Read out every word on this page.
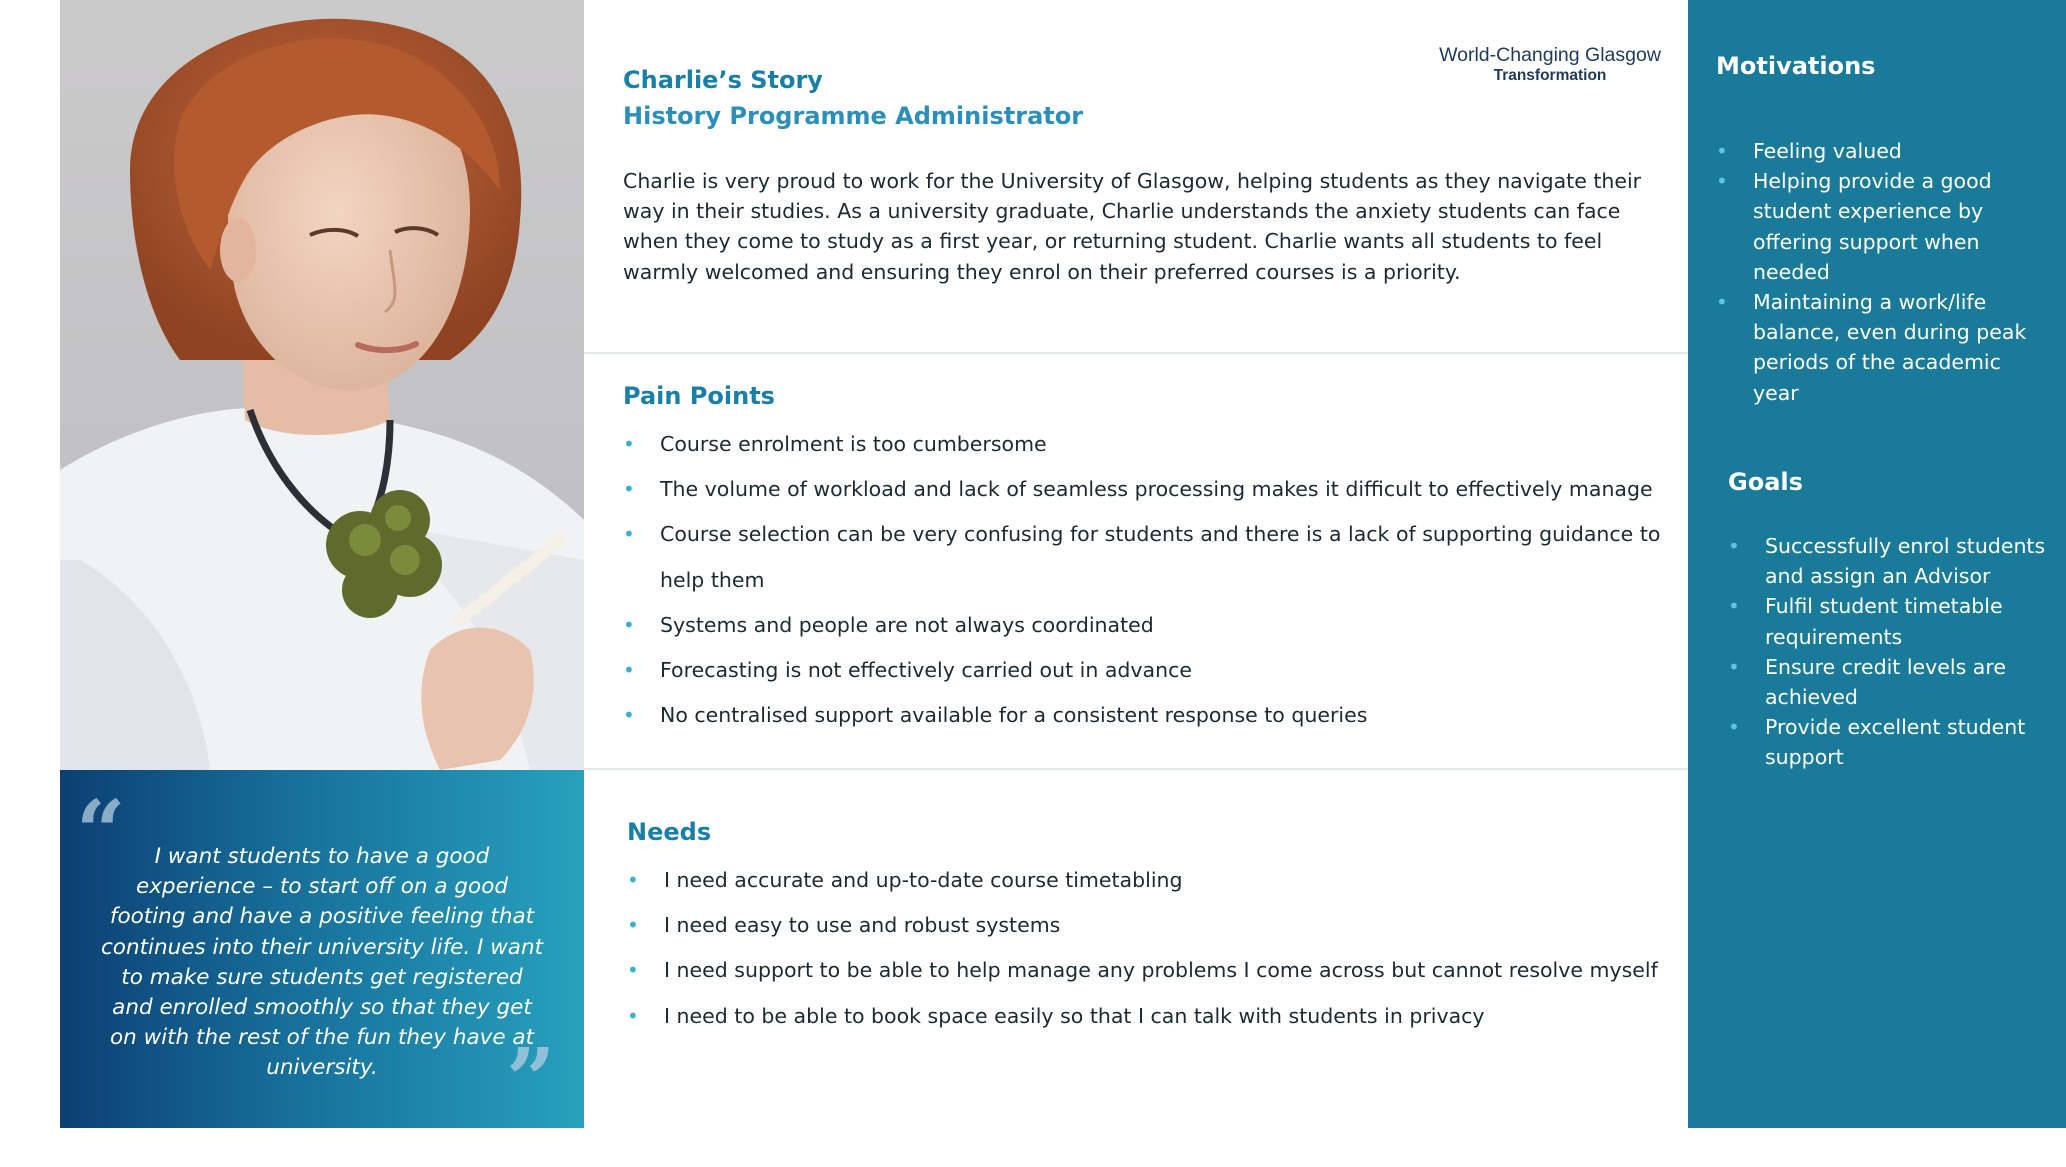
“	I want students to have a good experience – to start off on a good footing and have a positive feeling that continues into their university life. I want to make sure students get registered and enrolled smoothly so that they get on with the rest of the fun they have at university.	”
World-Changing Glasgow
Transformation
Charlie’s Story
History Programme Administrator

Charlie is very proud to work for the University of Glasgow, helping students as they navigate their way in their studies. As a university graduate, Charlie understands the anxiety students can face when they come to study as a first year, or returning student. Charlie wants all students to feel warmly welcomed and ensuring they enrol on their preferred courses is a priority.

Pain Points
• Course enrolment is too cumbersome
• The volume of workload and lack of seamless processing makes it difficult to effectively manage
• Course selection can be very confusing for students and there is a lack of supporting guidance to help them
• Systems and people are not always coordinated
• Forecasting is not effectively carried out in advance
• No centralised support available for a consistent response to queries
Needs
• I need accurate and up-to-date course timetabling
• I need easy to use and robust systems
• I need support to be able to help manage any problems I come across but cannot resolve myself
• I need to be able to book space easily so that I can talk with students in privacy
Motivations
• Feeling valued
• Helping provide a good student experience by offering support when needed
• Maintaining a work/life balance, even during peak periods of the academic year
Goals
• Successfully enrol students and assign an Advisor
• Fulfil student timetable requirements
• Ensure credit levels are achieved
• Provide excellent student support
